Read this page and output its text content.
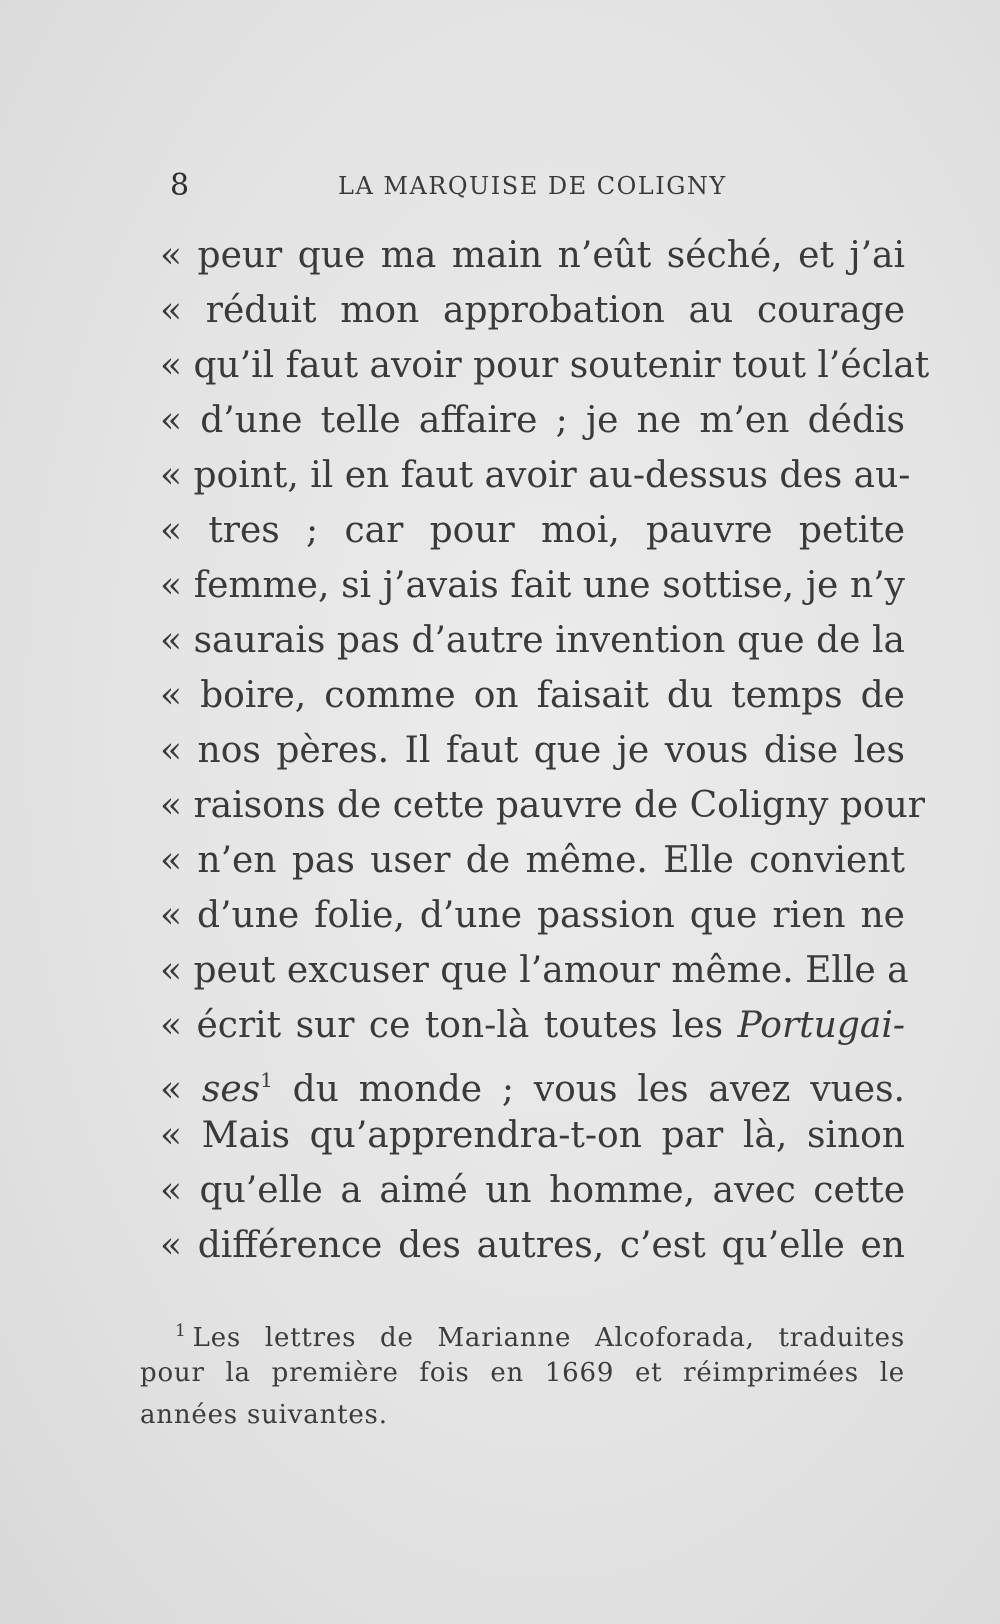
8	LA MARQUISE DE COLIGNY
« peur que ma main n’eût séché, et j’ai
« réduit mon approbation au courage
« qu’il faut avoir pour soutenir tout l’éclat
« d’une telle affaire ; je ne m’en dédis
« point, il en faut avoir au-dessus des au-
« tres ; car pour moi, pauvre petite
« femme, si j’avais fait une sottise, je n’y
« saurais pas d’autre invention que de la
« boire, comme on faisait du temps de
« nos pères. Il faut que je vous dise les
« raisons de cette pauvre de Coligny pour
« n’en pas user de même. Elle convient
« d’une folie, d’une passion que rien ne
« peut excuser que l’amour même. Elle a
« écrit sur ce ton-là toutes les Portugai-
« ses$^1$ du monde ; vous les avez vues.
« Mais qu’apprendra-t-on par là, sinon
« qu’elle a aimé un homme, avec cette
« différence des autres, c’est qu’elle en
$^1$ Les lettres de Marianne Alcoforada, traduites
pour la première fois en 1669 et réimprimées le
années suivantes.
